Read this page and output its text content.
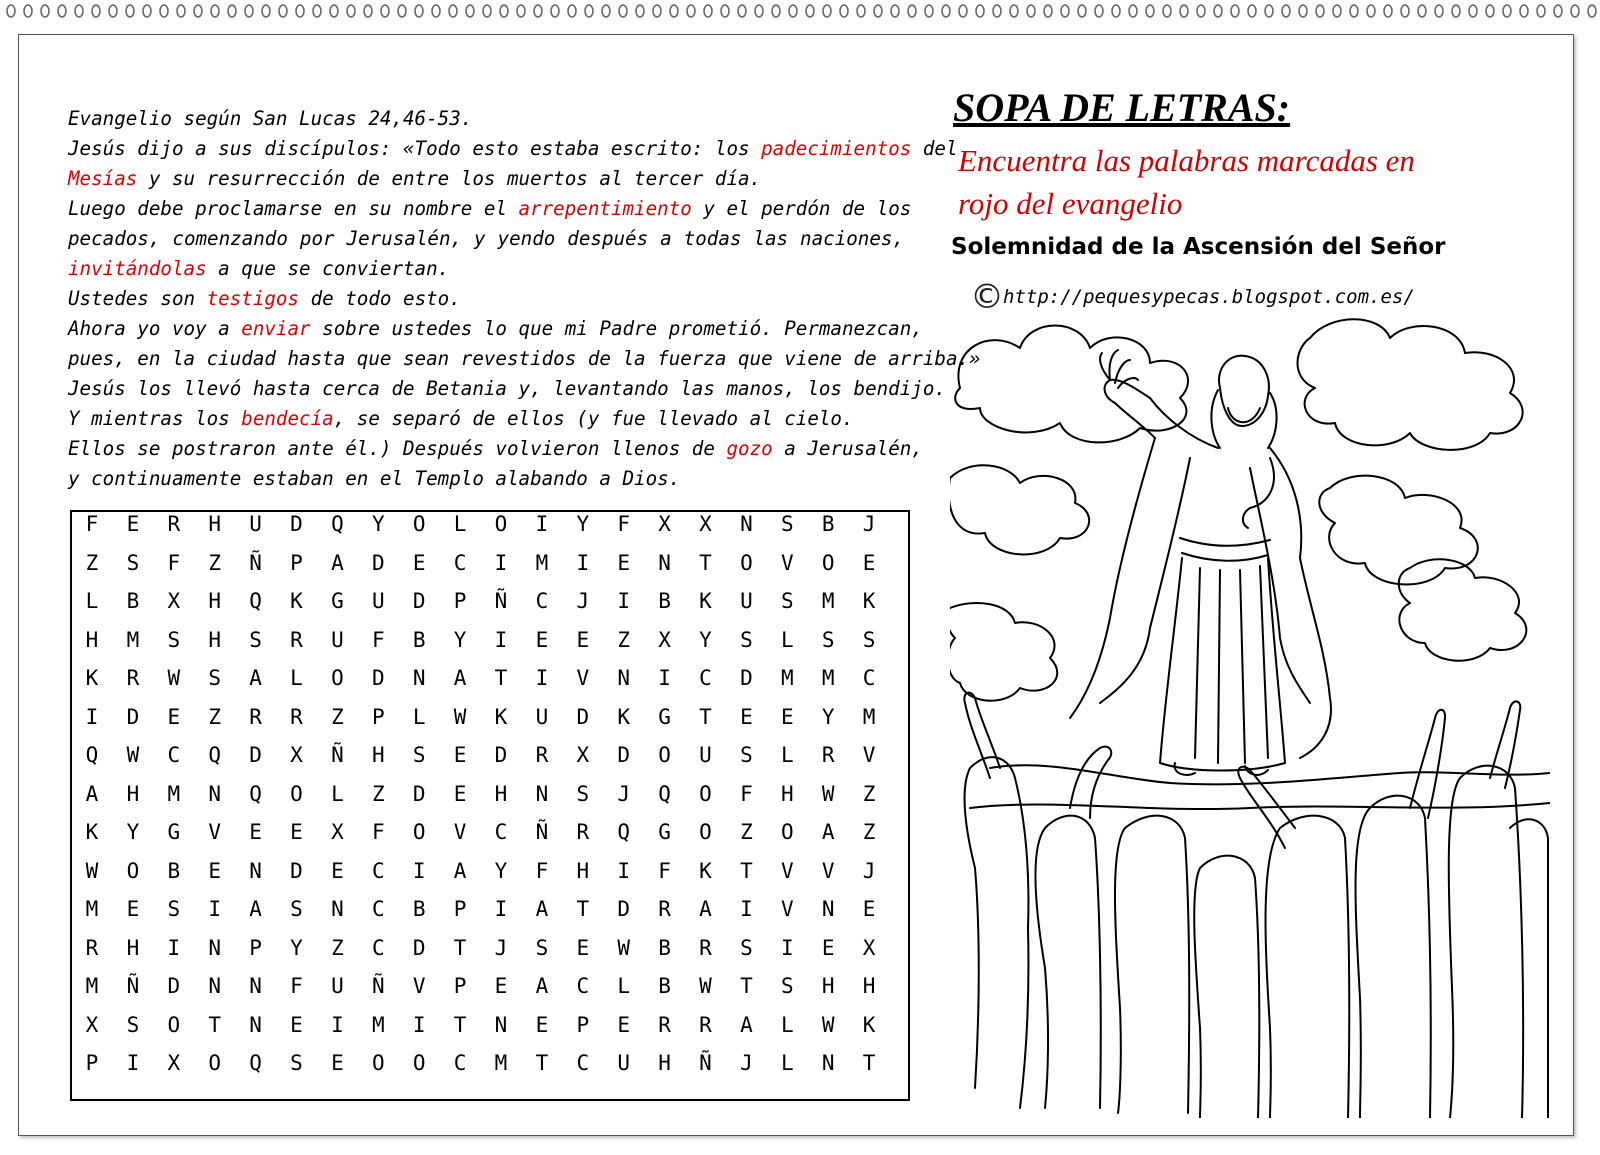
Evangelio según San Lucas 24,46-53.
Jesús dijo a sus discípulos: «Todo esto estaba escrito: los padecimientos del
Mesías y su resurrección de entre los muertos al tercer día.
Luego debe proclamarse en su nombre el arrepentimiento y el perdón de los
pecados, comenzando por Jerusalén, y yendo después a todas las naciones,
invitándolas a que se conviertan.
Ustedes son testigos de todo esto.
Ahora yo voy a enviar sobre ustedes lo que mi Padre prometió. Permanezcan,
pues, en la ciudad hasta que sean revestidos de la fuerza que viene de arriba.»
Jesús los llevó hasta cerca de Betania y, levantando las manos, los bendijo.
Y mientras los bendecía, se separó de ellos (y fue llevado al cielo.
Ellos se postraron ante él.) Después volvieron llenos de gozo a Jerusalén,
y continuamente estaban en el Templo alabando a Dios.
F	E	R	H	U	D	Q	Y	O	L	O	I	Y	F	X	X	N	S	B	J
Z	S	F	Z	Ñ	P	A	D	E	C	I	M	I	E	N	T	O	V	O	E
L	B	X	H	Q	K	G	U	D	P	Ñ	C	J	I	B	K	U	S	M	K
H	M	S	H	S	R	U	F	B	Y	I	E	E	Z	X	Y	S	L	S	S
K	R	W	S	A	L	O	D	N	A	T	I	V	N	I	C	D	M	M	C
I	D	E	Z	R	R	Z	P	L	W	K	U	D	K	G	T	E	E	Y	M
Q	W	C	Q	D	X	Ñ	H	S	E	D	R	X	D	O	U	S	L	R	V
A	H	M	N	Q	O	L	Z	D	E	H	N	S	J	Q	O	F	H	W	Z
K	Y	G	V	E	E	X	F	O	V	C	Ñ	R	Q	G	O	Z	O	A	Z
W	O	B	E	N	D	E	C	I	A	Y	F	H	I	F	K	T	V	V	J
M	E	S	I	A	S	N	C	B	P	I	A	T	D	R	A	I	V	N	E
R	H	I	N	P	Y	Z	C	D	T	J	S	E	W	B	R	S	I	E	X
M	Ñ	D	N	N	F	U	Ñ	V	P	E	A	C	L	B	W	T	S	H	H
X	S	O	T	N	E	I	M	I	T	N	E	P	E	R	R	A	L	W	K
P	I	X	O	Q	S	E	O	O	C	M	T	C	U	H	Ñ	J	L	N	T
SOPA DE LETRAS:
Encuentra las palabras marcadas en
rojo del evangelio
Solemnidad de la Ascensión del Señor
© http://pequesypecas.blogspot.com.es/
